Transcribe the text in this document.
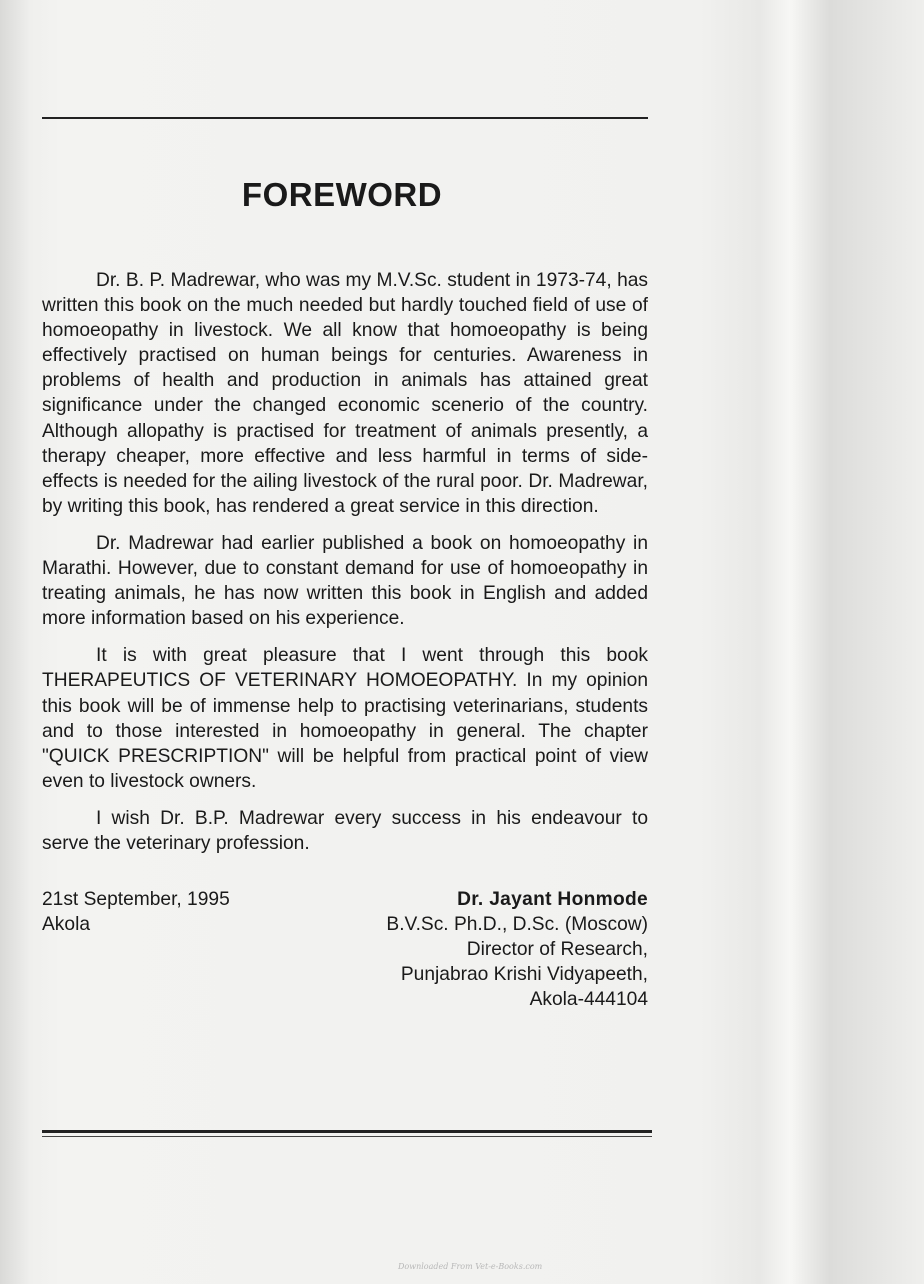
FOREWORD

Dr. B. P. Madrewar, who was my M.V.Sc. student in 1973-74, has written this book on the much needed but hardly touched field of use of homoeopathy in livestock. We all know that homoeopathy is being effectively practised on human beings for centuries. Awareness in problems of health and production in animals has attained great significance under the changed economic scenerio of the country. Although allopathy is practised for treatment of animals presently, a therapy cheaper, more effective and less harmful in terms of side-effects is needed for the ailing livestock of the rural poor. Dr. Madrewar, by writing this book, has rendered a great service in this direction.

Dr. Madrewar had earlier published a book on homoeopathy in Marathi. However, due to constant demand for use of homoeopathy in treating animals, he has now written this book in English and added more information based on his experience.

It is with great pleasure that I went through this book THERAPEUTICS OF VETERINARY HOMOEOPATHY. In my opinion this book will be of immense help to practising veterinarians, students and to those interested in homoeopathy in general. The chapter "QUICK PRESCRIPTION" will be helpful from practical point of view even to livestock owners.

I wish Dr. B.P. Madrewar every success in his endeavour to serve the veterinary profession.

21st September, 1995
Akola
Dr. Jayant Honmode
B.V.Sc. Ph.D., D.Sc. (Moscow)
Director of Research,
Punjabrao Krishi Vidyapeeth,
Akola-444104
Downloaded From Vet-e-Books.com
